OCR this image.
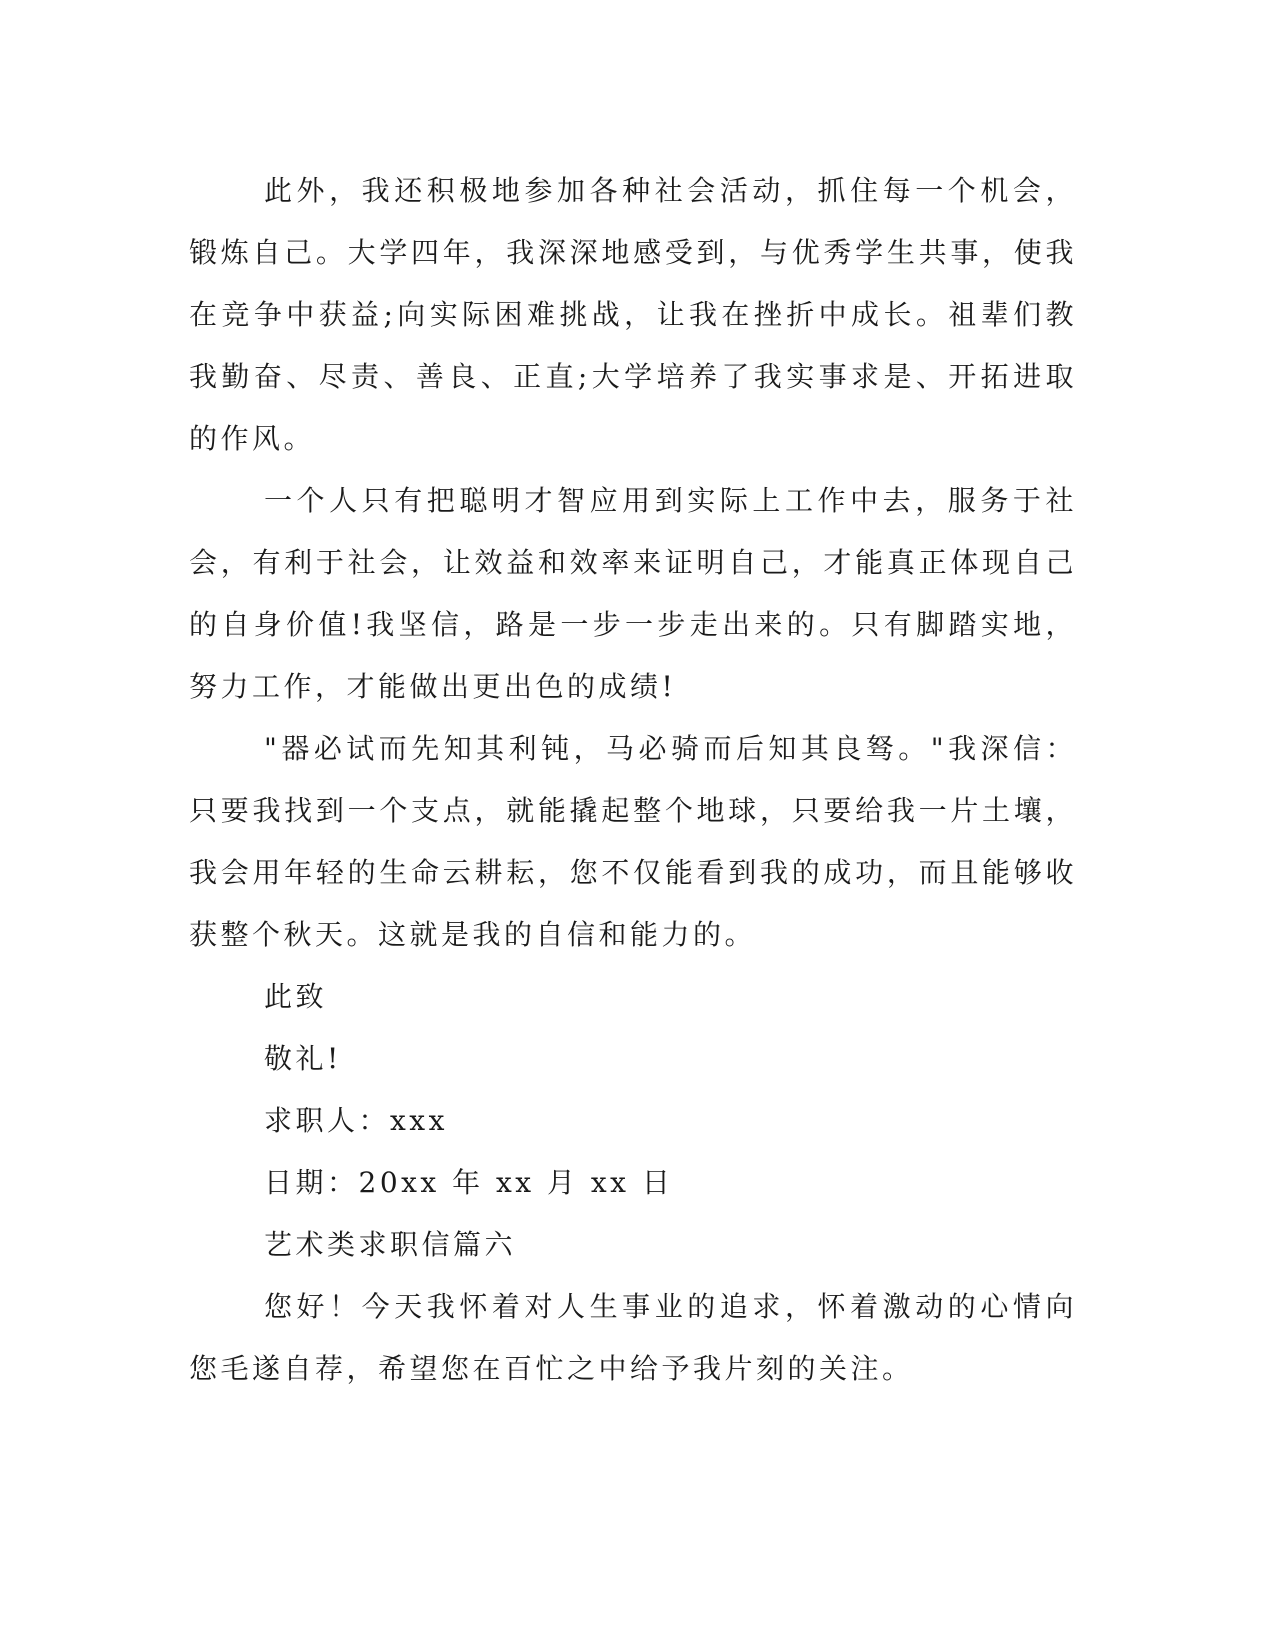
此外，我还积极地参加各种社会活动，抓住每一个机会，锻炼自己。大学四年，我深深地感受到，与优秀学生共事，使我在竞争中获益;向实际困难挑战，让我在挫折中成长。祖辈们教我勤奋、尽责、善良、正直;大学培养了我实事求是、开拓进取的作风。

一个人只有把聪明才智应用到实际上工作中去，服务于社会，有利于社会，让效益和效率来证明自己，才能真正体现自己的自身价值!我坚信，路是一步一步走出来的。只有脚踏实地，努力工作，才能做出更出色的成绩!

"器必试而先知其利钝，马必骑而后知其良驽。"我深信：只要我找到一个支点，就能撬起整个地球，只要给我一片土壤，我会用年轻的生命云耕耘，您不仅能看到我的成功，而且能够收获整个秋天。这就是我的自信和能力的。

此致

敬礼!

求职人：xxx

日期：20xx 年 xx 月 xx 日

艺术类求职信篇六

您好！今天我怀着对人生事业的追求，怀着激动的心情向您毛遂自荐，希望您在百忙之中给予我片刻的关注。
